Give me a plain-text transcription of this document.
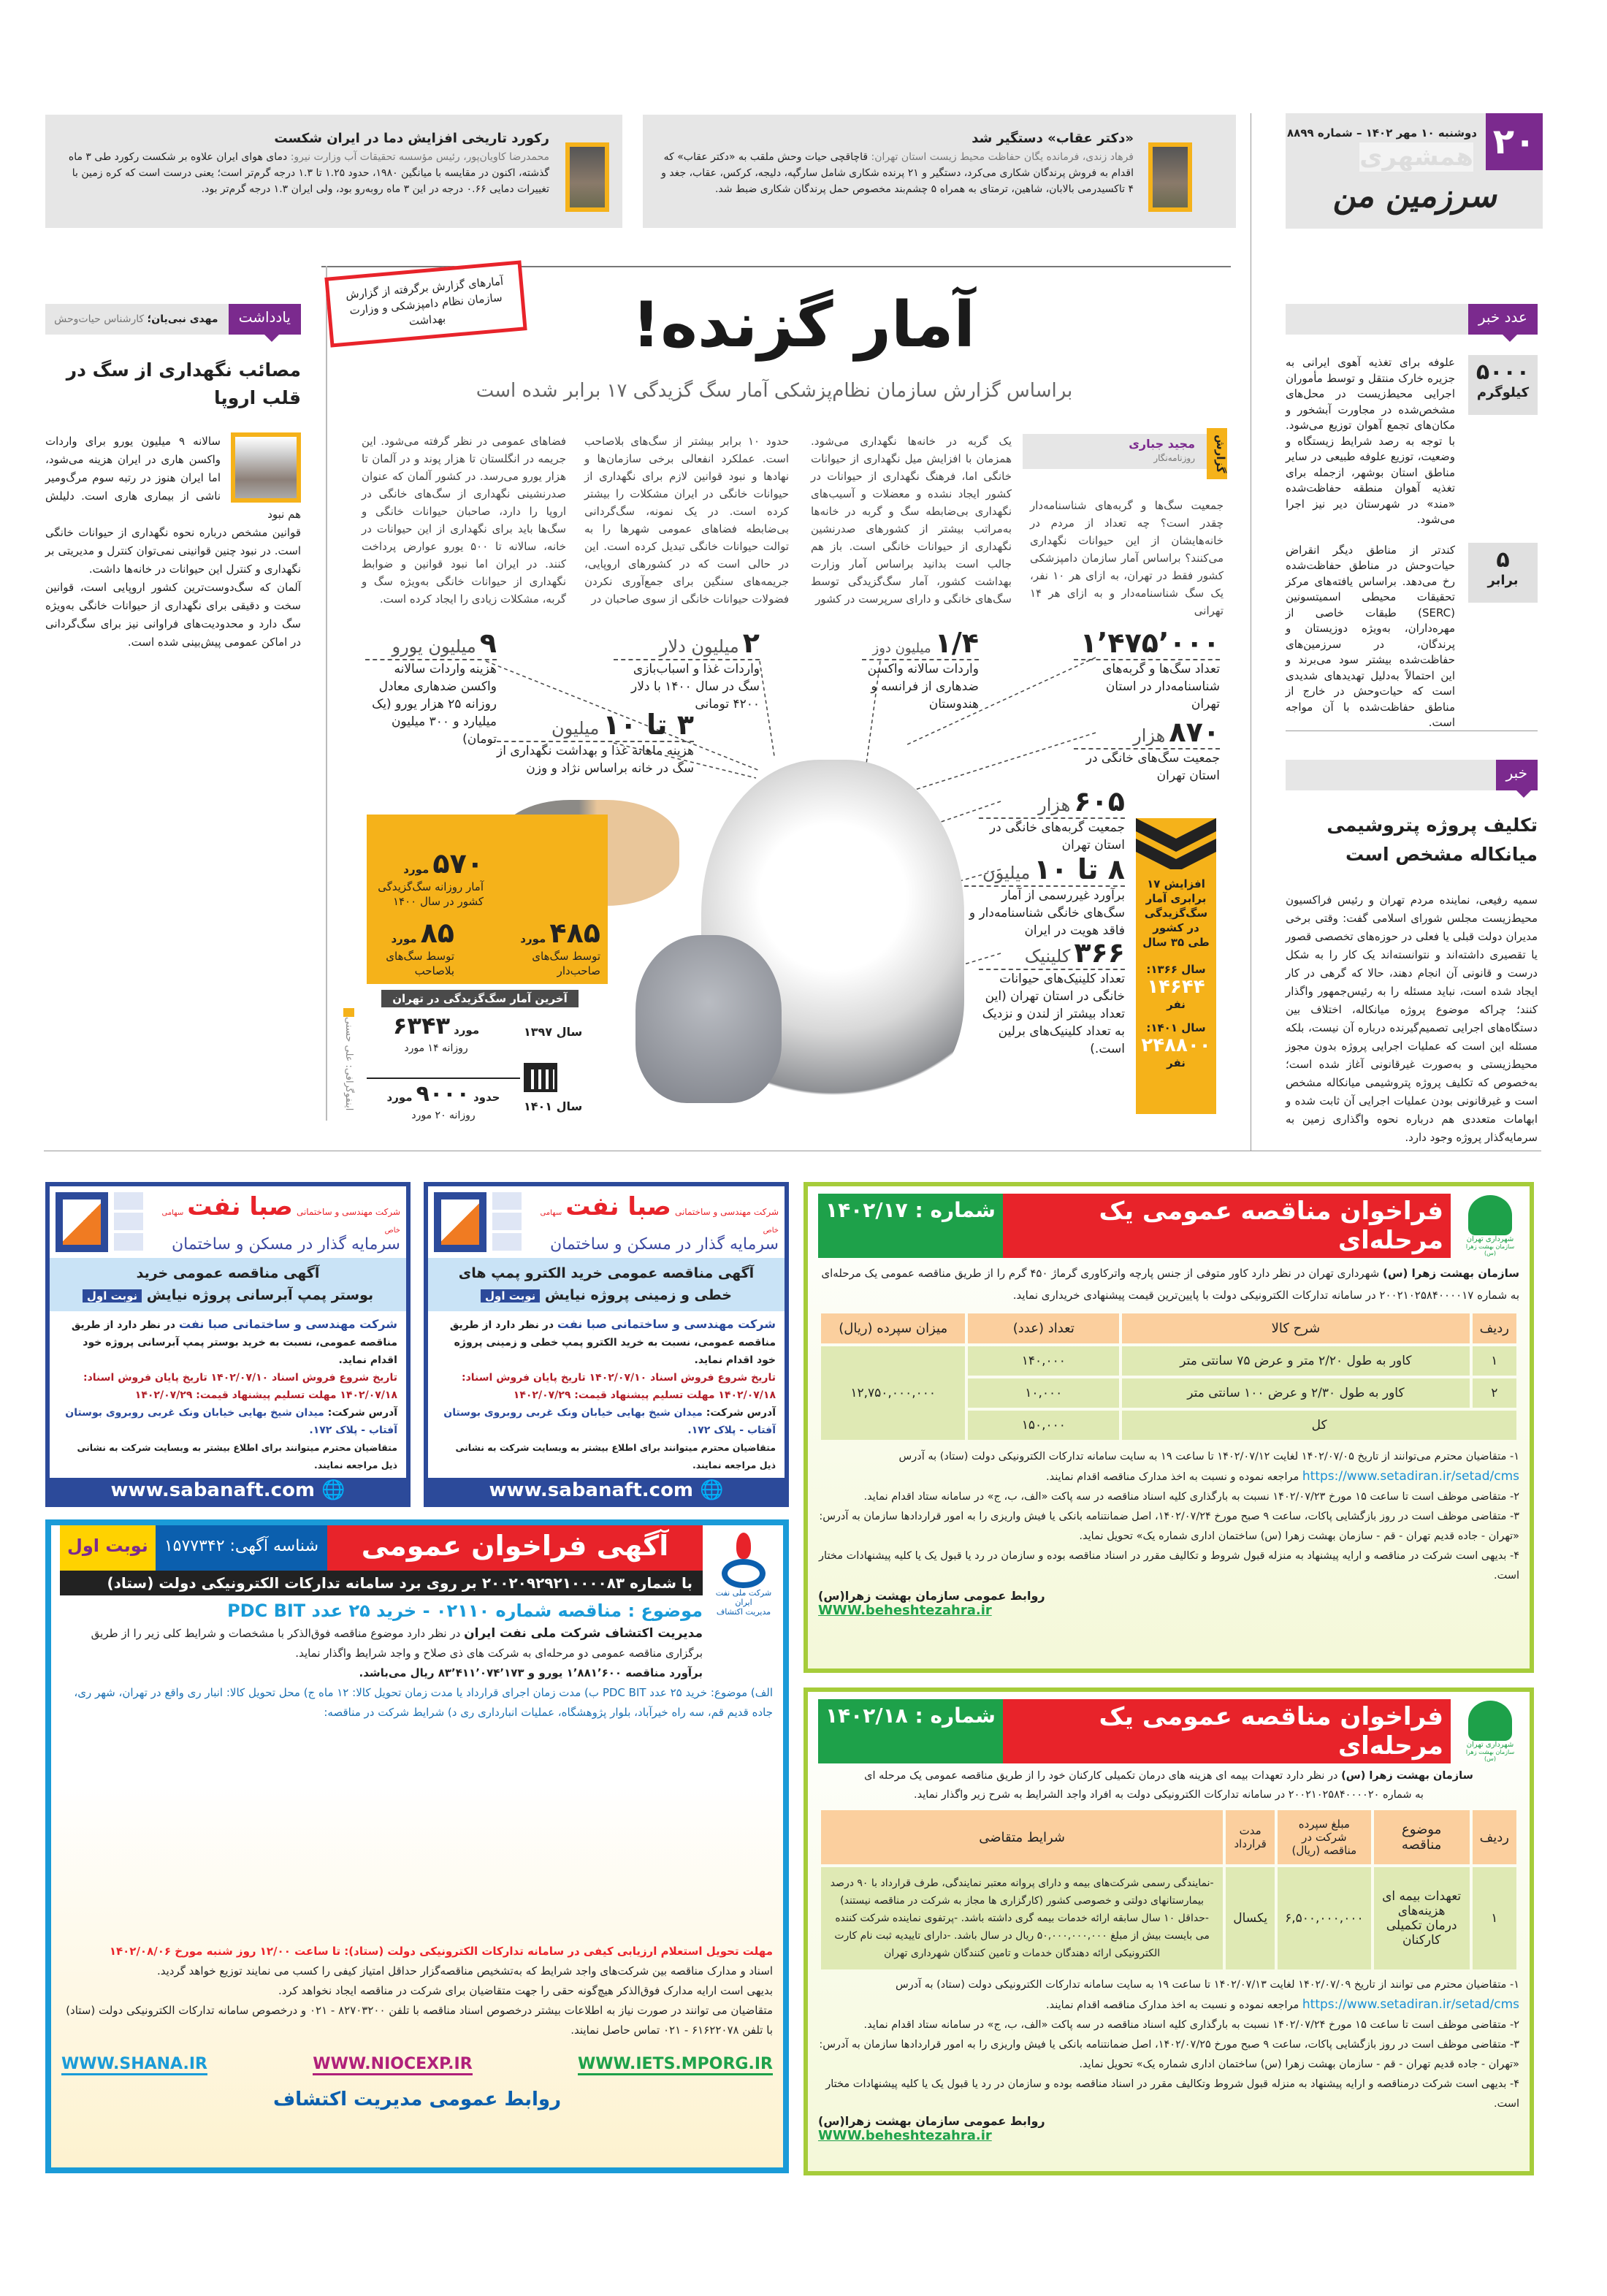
۲۰
دوشنبه ۱۰ مهر ۱۴۰۲ – شماره ۸۸۹۹
همشهری
سرزمین من
«دکتر عقاب» دستگیر شد
فرهاد زندی، فرمانده یگان حفاظت محیط زیست استان تهران: قاچاقچی حیات وحش ملقب به «دکتر عقاب» که اقدام به فروش پرندگان شکاری می‌کرد، دستگیر و ۲۱ پرنده شکاری شامل سارگپه، دلیجه، کرکس، عقاب، جغد و ۴ تاکسیدرمی بالابان، شاهین، ترمتای به همراه ۵ چشم‌بند مخصوص حمل پرندگان شکاری ضبط شد.
رکورد تاریخی افزایش دما در ایران شکست
محمدرضا کاویان‌پور، رئیس مؤسسه تحقیقات آب وزارت نیرو: دمای هوای ایران علاوه بر شکست رکورد طی ۳ ماه گذشته، اکنون در مقایسه با میانگین ۱۹۸۰، حدود ۱.۲۵ تا ۱.۳ درجه گرم‌تر است؛ یعنی درست است که کره زمین با تغییرات دمایی ۰.۶۶ درجه در این ۳ ماه روبه‌رو بود، ولی ایران ۱.۳ درجه گرم‌تر بود.
آمارهای گزارش برگرفته از گزارش سازمان نظام دامپزشکی و وزارت بهداشت	آمار گزنده!
براساس گزارش سازمان نظام‌پزشکی آمار سگ گزیدگی ۱۷ برابر شده است
گزارش
مجید جباری
روزنامه‌نگار
جمعیت سگ‌ها و گربه‌های شناسنامه‌دار چقدر است؟ چه تعداد از مردم در خانه‌هایشان از این حیوانات نگهداری می‌کنند؟ براساس آمار سازمان دامپزشکی کشور فقط در تهران، به ازای هر ۱۰ نفر، یک سگ شناسنامه‌دار و به ازای هر ۱۴ تهرانی
یک گربه در خانه‌ها نگهداری می‌شود. همزمان با افزایش میل نگهداری از حیوانات خانگی اما، فرهنگ نگهداری از حیوانات در کشور ایجاد نشده و معضلات و آسیب‌های نگهداری بی‌ضابطه سگ و گربه در خانه‌ها به‌مراتب بیشتر از کشورهای صدرنشین نگهداری از حیوانات خانگی است. باز هم جالب است بدانید براساس آمار وزارت بهداشت کشور، آمار سگ‌گزیدگی توسط سگ‌های خانگی و دارای سرپرست در کشور
حدود ۱۰ برابر بیشتر از سگ‌های بلاصاحب است. عملکرد انفعالی برخی سازمان‌ها و نهادها و نبود قوانین لازم برای نگهداری از حیوانات خانگی در ایران مشکلات را بیشتر کرده است. در یک نمونه، سگ‌گردانی بی‌ضابطه فضاهای عمومی شهرها را به توالت حیوانات خانگی تبدیل کرده است. این در حالی است که در کشورهای اروپایی، جریمه‌های سنگین برای جمع‌آوری نکردن فضولات حیوانات خانگی از سوی صاحبان در
فضاهای عمومی در نظر گرفته می‌شود. این جریمه در انگلستان تا هزار پوند و در آلمان تا هزار یورو می‌رسد. در کشور آلمان که عنوان صدرنشینی نگهداری از سگ‌های خانگی در اروپا را دارد، صاحبان حیوانات خانگی و سگ‌ها باید برای نگهداری از این حیوانات در خانه، سالانه تا ۵۰۰ یورو عوارض پرداخت کنند. در ایران اما نبود قوانین و ضوابط نگهداری از حیوانات خانگی به‌ویژه سگ و گربه، مشکلات زیادی را ایجاد کرده است.
۱٬۴۷۵٬۰۰۰
تعداد سگ‌ها و گربه‌های شناسنامه‌دار در استان تهران
۸۷۰ هزار
جمعیت سگ‌های خانگی در استان تهران
۶۰۵ هزار
جمعیت گربه‌های خانگی در استان تهران
۸ تا ۱۰ میلیون
برآورد غیررسمی از آمار سگ‌های خانگی شناسنامه‌دار و فاقد هویت در ایران
۳۶۶ کلینیک
تعداد کلینیک‌های حیوانات خانگی در استان تهران (این تعداد بیشتر از لندن و نزدیک به تعداد کلینیک‌های برلین است.)
۱/۴ میلیون دوز
واردات سالانه واکسن ضدهاری از فرانسه و هندوستان
۲ میلیون دلار
واردات غذا و اسباب‌بازی سگ در سال ۱۴۰۰ با دلار ۴۲۰۰ تومانی
۹ میلیون یورو
هزینه واردات سالانه واکسن ضدهاری معادل روزانه ۲۵ هزار یورو (یک میلیارد و ۳۰۰ میلیون تومان)	۳ تا ۱۰ میلیون
هزینه ماهانه غذا و بهداشت نگهداری از سگ در خانه براساس نژاد و وزن
افزایش ۱۷ برابری آمار سگ‌گزیدگی در کشور طی ۳۵ سال
سال ۱۳۶۶:
۱۴۶۴۴
نفر
سال ۱۴۰۱:
۲۴۸۸۰۰
نفر
۵۷۰ مورد
آمار روزانه سگ‌گزیدگی کشور در سال ۱۴۰۰
۴۸۵ مورد
توسط سگ‌های صاحب‌دار
۸۵ مورد
توسط سگ‌های بلاصاحب
آخرین آمار سگ‌گزیدگی در تهران
سال ۱۳۹۷
مورد ۶۳۴۳
روزانه ۱۴ مورد
حدود ۹۰۰۰ مورد
روزانه ۲۰ مورد
سال ۱۴۰۱
اینفوگرافی: علی حسنی
عدد خبر
۵۰۰۰
کیلوگرم
علوفه برای تغذیه آهوی ایرانی به جزیره خارک منتقل و توسط مأموران اجرایی محیط‌زیست در محل‌های مشخص‌شده در مجاورت آبشخور و مکان‌های تجمع آهوان توزیع می‌شود. با توجه به رصد شرایط زیستگاه و وضعیت، توزیع علوفه طبیعی در سایر مناطق استان بوشهر، ازجمله برای تغذیه آهوان منطقه حفاظت‌شده «مند» در شهرستان دیر نیز اجرا می‌شود.
۵
برابر
کندتر از مناطق دیگر انقراض حیات‌وحش در مناطق حفاظت‌شده رخ می‌دهد. براساس یافته‌های مرکز تحقیقات محیطی اسمیتسونین (SERC) طبقات خاصی از مهره‌داران، به‌ویژه دوزیستان و پرندگان، در سرزمین‌های حفاظت‌شده بیشتر سود می‌برند و این احتمالاً به‌دلیل تهدیدهای شدیدی است که حیات‌وحش در خارج از مناطق حفاظت‌شده با آن مواجه است.
خبر
تکلیف پروژه پتروشیمی میانکاله مشخص است
سمیه رفیعی، نماینده مردم تهران و رئیس فراکسیون محیط‌زیست مجلس شورای اسلامی گفت: وقتی برخی مدیران دولت قبلی یا فعلی در حوزه‌های تخصصی قصور یا تقصیری داشته‌اند و نتوانسته‌اند یک کار را به شکل درست و قانونی آن انجام دهند، حالا که گرهی در کار ایجاد شده است، نباید مسئله را به رئیس‌جمهور واگذار کنند؛ چراکه موضوع پروژه میانکاله، اختلاف بین دستگاه‌های اجرایی تصمیم‌گیرنده درباره آن نیست، بلکه مسئله این است که عملیات اجرایی پروژه بدون مجوز محیط‌زیستی و به‌صورت غیرقانونی آغاز شده است؛ به‌خصوص که تکلیف پروژه پتروشیمی میانکاله مشخص است و غیرقانونی بودن عملیات اجرایی آن ثابت شده و ابهامات متعددی هم درباره نحوه واگذاری زمین به سرمایه‌گذار پروژه وجود دارد.
یادداشت
مهدی نبی‌یان؛ کارشناس حیات‌وحش
مصائب نگهداری از سگ در قلب اروپا
سالانه ۹ میلیون یورو برای واردات واکسن هاری در ایران هزینه می‌شود، اما ایران هنوز در رتبه سوم مرگ‌ومیر ناشی از بیماری هاری است. دلیلش هم نبود
قوانین مشخص درباره نحوه نگهداری از حیوانات خانگی است. در نبود چنین قوانینی نمی‌توان کنترل و مدیریتی بر نگهداری و کنترل این حیوانات در خانه‌ها داشت.
آلمان که سگ‌دوست‌ترین کشور اروپایی است، قوانین سخت و دقیقی برای نگهداری از حیوانات خانگی به‌ویژه سگ دارد و محدودیت‌های فراوانی نیز برای سگ‌گردانی در اماکن عمومی پیش‌بینی شده است.
شهرداری تهران
سازمان بهشت زهرا (س)
فراخوان مناقصه عمومی یک مرحله‌ای
شماره : ۱۴۰۲/۱۷
سازمان بهشت زهرا (س) شهرداری تهران در نظر دارد کاور متوفی از جنس پارچه واترکاوری گرماژ ۴۵۰ گرم را از طریق مناقصه عمومی یک مرحله‌ای به شماره ۲۰۰۲۱۰۲۵۸۴۰۰۰۰۱۷ در سامانه تدارکات الکترونیکی دولت با پایین‌ترین قیمت پیشنهادی خریداری نماید.
ردیف	شرح کالا	تعداد (عدد)	میزان سپرده (ریال)
۱	کاور به طول ۲/۲۰ متر و عرض ۷۵ سانتی متر	۱۴۰,۰۰۰	۱۲,۷۵۰,۰۰۰,۰۰۰
۲	کاور به طول ۲/۳۰ و عرض ۱۰۰ سانتی متر	۱۰,۰۰۰	
کل		۱۵۰,۰۰۰	
۱- متقاضیان محترم می‌توانند از تاریخ ۱۴۰۲/۰۷/۰۵ لغایت ۱۴۰۲/۰۷/۱۲ تا ساعت ۱۹ به سایت سامانه تدارکات الکترونیکی دولت (ستاد) به آدرس https://www.setadiran.ir/setad/cms مراجعه نموده و نسبت به اخذ مدارک مناقصه اقدام نمایند.
۲- متقاضی موظف است تا ساعت ۱۵ مورخ ۱۴۰۲/۰۷/۲۳ نسبت به بارگذاری کلیه اسناد مناقصه در سه پاکت «الف، ب، ج» در سامانه ستاد اقدام نماید.
۳- متقاضی موظف است در روز بازگشایی پاکات، ساعت ۹ صبح مورخ ۱۴۰۲/۰۷/۲۴، اصل ضمانتنامه بانکی یا فیش واریزی را به امور قراردادها سازمان به آدرس: «تهران - جاده قدیم تهران - قم - سازمان بهشت زهرا (س) ساختمان اداری شماره یک» تحویل نماید.
۴- بدیهی است شرکت در مناقصه و ارایه پیشنهاد به منزله قبول شروط و تکالیف مقرر در اسناد مناقصه بوده و سازمان در رد یا قبول یک یا کلیه پیشنهادات مختار است.
روابط عمومی سازمان بهشت زهرا(س)
WWW.beheshtezahra.ir
شهرداری تهران
سازمان بهشت زهرا (س)
فراخوان مناقصه عمومی یک مرحله‌ای
شماره : ۱۴۰۲/۱۸
سازمان بهشت زهرا (س) در نظر دارد تعهدات بیمه ای هزینه های درمان تکمیلی کارکنان خود را از طریق مناقصه عمومی یک مرحله ای به شماره ۲۰۰۲۱۰۲۵۸۴۰۰۰۰۲۰ در سامانه تدارکات الکترونیکی دولت به افراد واجد الشرایط به شرح زیر واگذار نماید.
ردیف	موضوع مناقصه	مبلغ سپرده شرکت در مناقصه (ریال)	مدت قرارداد	شرایط متقاضی
۱	تعهدات بیمه ای هزینه‌های درمان تکمیلی کارکنان	۶,۵۰۰,۰۰۰,۰۰۰	یکسال	-نمایندگی رسمی شرکت‌های بیمه و دارای پروانه معتبر نمایندگی، طرف قرارداد با ۹۰ درصد بیمارستانهای دولتی و خصوصی کشور (کارگزاری ها مجاز به شرکت در مناقصه نیستند) -حداقل ۱۰ سال سابقه ارائه خدمات بیمه گری داشته باشد. -پرتفوی نماینده شرکت کننده می بایست بیش از مبلغ ۵۰,۰۰۰,۰۰۰,۰۰۰ ریال در سال باشد. -دارای تاییدیه ثبت نام کارت الکترونیکی ارائه دهندگان خدمات و تامین کنندگان شهرداری تهران
۱- متقاضیان محترم می توانند از تاریخ ۱۴۰۲/۰۷/۰۹ لغایت ۱۴۰۲/۰۷/۱۳ تا ساعت ۱۹ به سایت سامانه تدارکات الکترونیکی دولت (ستاد) به آدرس https://www.setadiran.ir/setad/cms مراجعه نموده و نسبت به اخذ مدارک مناقصه اقدام نمایند.
۲- متقاضی موظف است تا ساعت ۱۵ مورخ ۱۴۰۲/۰۷/۲۴ نسبت به بارگذاری کلیه اسناد مناقصه در سه پاکت «الف، ب، ج» در سامانه ستاد اقدام نماید.
۳- متقاضی موظف است در روز بازگشایی پاکات، ساعت ۹ صبح مورخ ۱۴۰۲/۰۷/۲۵، اصل ضمانتنامه بانکی یا فیش واریزی را به امور قراردادها سازمان به آدرس: «تهران - جاده قدیم تهران - قم - سازمان بهشت زهرا (س) ساختمان اداری شماره یک» تحویل نماید.
۴- بدیهی است شرکت درمناقصه و ارایه پیشنهاد به منزله قبول شروط وتکالیف مقرر در اسناد مناقصه بوده و سازمان در رد یا قبول یک یا کلیه پیشنهادات مختار است.
روابط عمومی سازمان بهشت زهرا(س)
WWW.beheshtezahra.ir
شرکت مهندسی و ساختمانی صبا نفت سهامی خاص
سرمایه گذار در مسکن و ساختمان
آگهی مناقصه عمومی خرید الکترو پمپ های
خطی و زمینی پروژه نیایش نوبت اول
شرکت مهندسی و ساختمانی صبا نفت در نظر دارد از طریق مناقصه عمومی، نسبت به خرید الکترو پمپ خطی و زمینی پروژه خود اقدام نماید.
تاریخ شروع فروش اسناد ۱۴۰۲/۰۷/۱۰ تاریخ پایان فروش اسناد: ۱۴۰۲/۰۷/۱۸ مهلت تسلیم پیشنهاد قیمت: ۱۴۰۲/۰۷/۲۹
آدرس شرکت: میدان شیخ بهایی خیابان ونک غربی روبروی بوستان آفتاب - پلاک ۱۷۲.
متقاضیان محترم میتوانند برای اطلاع بیشتر به وبسایت شرکت به نشانی ذیل مراجعه نمایند.
www.sabanaft.com 🌐
شرکت مهندسی و ساختمانی صبا نفت سهامی خاص
سرمایه گذار در مسکن و ساختمان
آگهی مناقصه عمومی خرید
بوستر پمپ آبرسانی پروژه نیایش نوبت اول
شرکت مهندسی و ساختمانی صبا نفت در نظر دارد از طریق مناقصه عمومی، نسبت به خرید بوستر پمپ آبرسانی پروژه خود اقدام نماید.
تاریخ شروع فروش اسناد ۱۴۰۲/۰۷/۱۰ تاریخ پایان فروش اسناد: ۱۴۰۲/۰۷/۱۸ مهلت تسلیم پیشنهاد قیمت: ۱۴۰۲/۰۷/۲۹
آدرس شرکت: میدان شیخ بهایی خیابان ونک غربی روبروی بوستان آفتاب - پلاک ۱۷۲.
متقاضیان محترم میتوانند برای اطلاع بیشتر به وبسایت شرکت به نشانی ذیل مراجعه نمایند.
www.sabanaft.com 🌐
نوبت اول	شناسه آگهی: ۱۵۷۷۳۴۲	آگهی فراخوان عمومی
با شماره ۲۰۰۲۰۹۲۹۲۱۰۰۰۰۸۳ بر روی برد سامانه تدارکات الکترونیکی دولت (ستاد)
شرکت ملی نفت ایران
مدیریت اکتشاف
موضوع : مناقصه شماره ۰۲۱۱۰ - خرید ۲۵ عدد PDC BIT
مدیریت اکتشاف شرکت ملی نفت ایران در نظر دارد موضوع مناقصه فوق‌الذکر با مشخصات و شرایط کلی زیر را از طریق برگزاری مناقصه عمومی دو مرحله‌ای به شرکت های ذی صلاح و واجد شرایط واگذار نماید.
برآورد مناقصه ۱٬۸۸۱٬۶۰۰ یورو و ۸۳٬۴۱۱٬۰۷۴٬۱۷۳ ریال می‌باشد.
الف) موضوع: خرید ۲۵ عدد PDC BIT ب) مدت زمان اجرای قرارداد یا مدت زمان تحویل کالا: ۱۲ ماه ج) محل تحویل کالا: انبار ری واقع در تهران، شهر ری، جاده قدیم قم، سه راه خیرآباد، بلوار پژوهشگاه، عملیات انبارداری ری د) شرایط شرکت در مناقصه:
مهلت تحویل استعلام ارزیابی کیفی در سامانه تدارکات الکترونیکی دولت (ستاد): تا ساعت ۱۲/۰۰ روز شنبه مورخ ۱۴۰۲/۰۸/۰۶
اسناد و مدارک مناقصه بین شرکت‌های واجد شرایط که به‌تشخیص مناقصه‌گزار حداقل امتیاز کیفی را کسب می نمایند توزیع خواهد گردید.
بدیهی است ارایه مدارک فوق‌الذکر هیچ‌گونه حقی را جهت متقاضیان برای شرکت در مناقصه ایجاد نخواهد کرد.
متقاضیان می توانند در صورت نیاز به اطلاعات بیشتر درخصوص اسناد مناقصه با تلفن ۸۲۷۰۳۲۰۰ - ۰۲۱ و درخصوص سامانه تدارکات الکترونیکی دولت (ستاد) با تلفن ۶۱۶۲۲۰۷۸ - ۰۲۱ تماس حاصل نمایند.
WWW.SHANA.IR	WWW.NIOCEXP.IR	WWW.IETS.MPORG.IR
روابط عمومی مدیریت اکتشاف
